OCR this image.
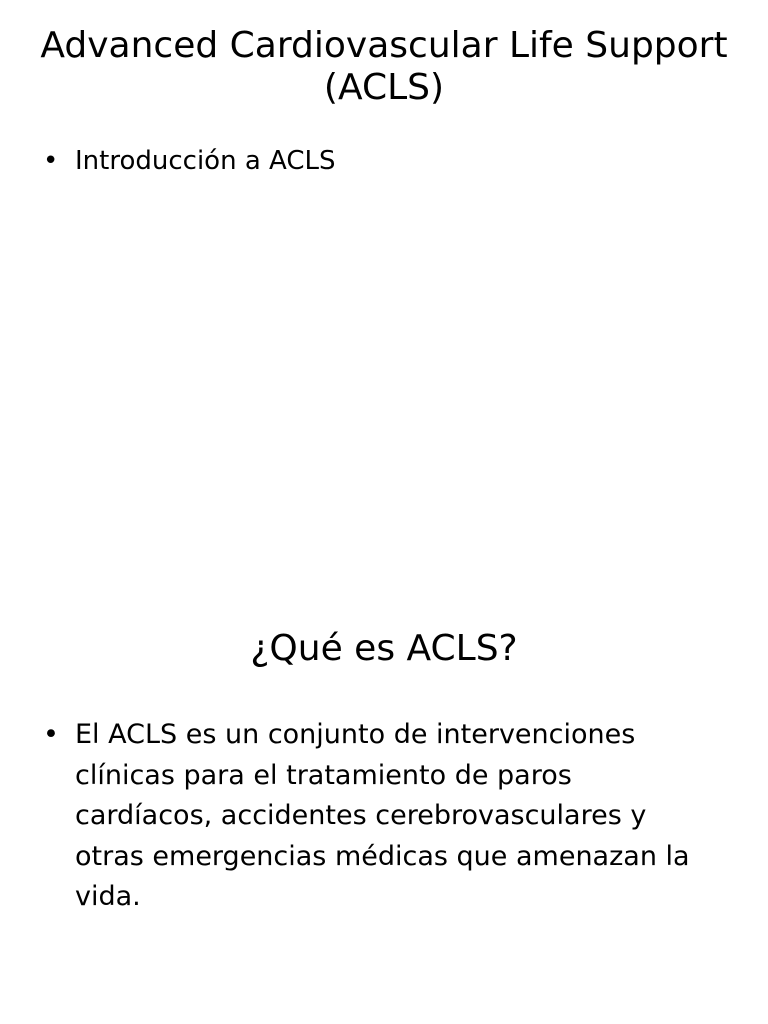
Advanced Cardiovascular Life Support (ACLS)
• Introducción a ACLS
¿Qué es ACLS?
• El ACLS es un conjunto de intervenciones clínicas para el tratamiento de paros cardíacos, accidentes cerebrovasculares y otras emergencias médicas que amenazan la vida.
